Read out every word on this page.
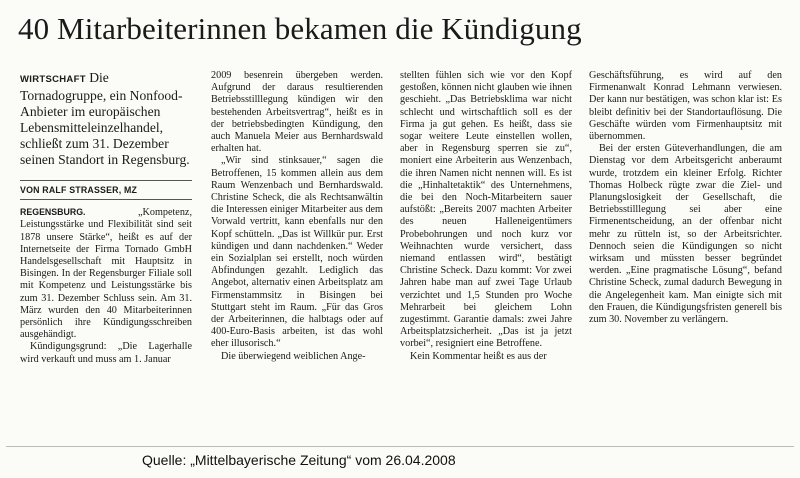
40 Mitarbeiterinnen bekamen die Kündigung

WIRTSCHAFT Die Tornadogruppe, ein Nonfood-Anbieter im europäischen Lebensmitteleinzelhandel, schließt zum 31. Dezember seinen Standort in Regensburg.

VON RALF STRASSER, MZ

REGENSBURG.	„Kompetenz, Leistungsstärke und Flexibilität sind seit 1878 unsere Stärke“, heißt es auf der Internetseite der Firma Tornado GmbH Handelsgesellschaft mit Hauptsitz in Bisingen. In der Regensburger Filiale soll mit Kompetenz und Leistungsstärke bis zum 31. Dezember Schluss sein. Am 31. März wurden den 40 Mitarbeiterinnen persönlich ihre Kündigungsschreiben ausgehändigt.

Kündigungsgrund: „Die Lagerhalle wird verkauft und muss am 1. Januar

2009 besenrein übergeben werden. Aufgrund der daraus resultierenden Betriebsstilllegung kündigen wir den bestehenden Arbeitsvertrag“, heißt es in der betriebsbedingten Kündigung, den auch Manuela Meier aus Bernhardswald erhalten hat.

„Wir sind stinksauer,“ sagen die Betroffenen, 15 kommen allein aus dem Raum Wenzenbach und Bernhardswald. Christine Scheck, die als Rechtsanwältin die Interessen einiger Mitarbeiter aus dem Vorwald vertritt, kann ebenfalls nur den Kopf schütteln. „Das ist Willkür pur. Erst kündigen und dann nachdenken.“ Weder ein Sozialplan sei erstellt, noch würden Abfindungen gezahlt. Lediglich das Angebot, alternativ einen Arbeitsplatz am Firmenstammsitz in Bisingen bei Stuttgart steht im Raum. „Für das Gros der Arbeiterinnen, die halbtags oder auf 400-Euro-Basis arbeiten, ist das wohl eher illusorisch.“

Die überwiegend weiblichen Ange-

stellten fühlen sich wie vor den Kopf gestoßen, können nicht glauben wie ihnen geschieht. „Das Betriebsklima war nicht schlecht und wirtschaftlich soll es der Firma ja gut gehen. Es heißt, dass sie sogar weitere Leute einstellen wollen, aber in Regensburg sperren sie zu“, moniert eine Arbeiterin aus Wenzenbach, die ihren Namen nicht nennen will. Es ist die „Hinhaltetaktik“ des Unternehmens, die bei den Noch-Mitarbeitern sauer aufstößt: „Bereits 2007 machten Arbeiter des neuen Halleneigentümers Probebohrungen und noch kurz vor Weihnachten wurde versichert, dass niemand entlassen wird“, bestätigt Christine Scheck. Dazu kommt: Vor zwei Jahren habe man auf zwei Tage Urlaub verzichtet und 1,5 Stunden pro Woche Mehrarbeit bei gleichem Lohn zugestimmt. Garantie damals: zwei Jahre Arbeitsplatzsicherheit. „Das ist ja jetzt vorbei“, resigniert eine Betroffene.

Kein Kommentar heißt es aus der

Geschäftsführung, es wird auf den Firmenanwalt Konrad Lehmann verwiesen. Der kann nur bestätigen, was schon klar ist: Es bleibt definitiv bei der Standortauflösung. Die Geschäfte würden vom Firmenhauptsitz mit übernommen.

Bei der ersten Güteverhandlungen, die am Dienstag vor dem Arbeitsgericht anberaumt wurde, trotzdem ein kleiner Erfolg. Richter Thomas Holbeck rügte zwar die Ziel- und Planungslosigkeit der Gesellschaft, die Betriebsstilllegung sei aber eine Firmenentscheidung, an der offenbar nicht mehr zu rütteln ist, so der Arbeitsrichter. Dennoch seien die Kündigungen so nicht wirksam und müssten besser begründet werden. „Eine pragmatische Lösung“, befand Christine Scheck, zumal dadurch Bewegung in die Angelegenheit kam. Man einigte sich mit den Frauen, die Kündigungsfristen generell bis zum 30. November zu verlängern.

Quelle: „Mittelbayerische Zeitung“ vom 26.04.2008
